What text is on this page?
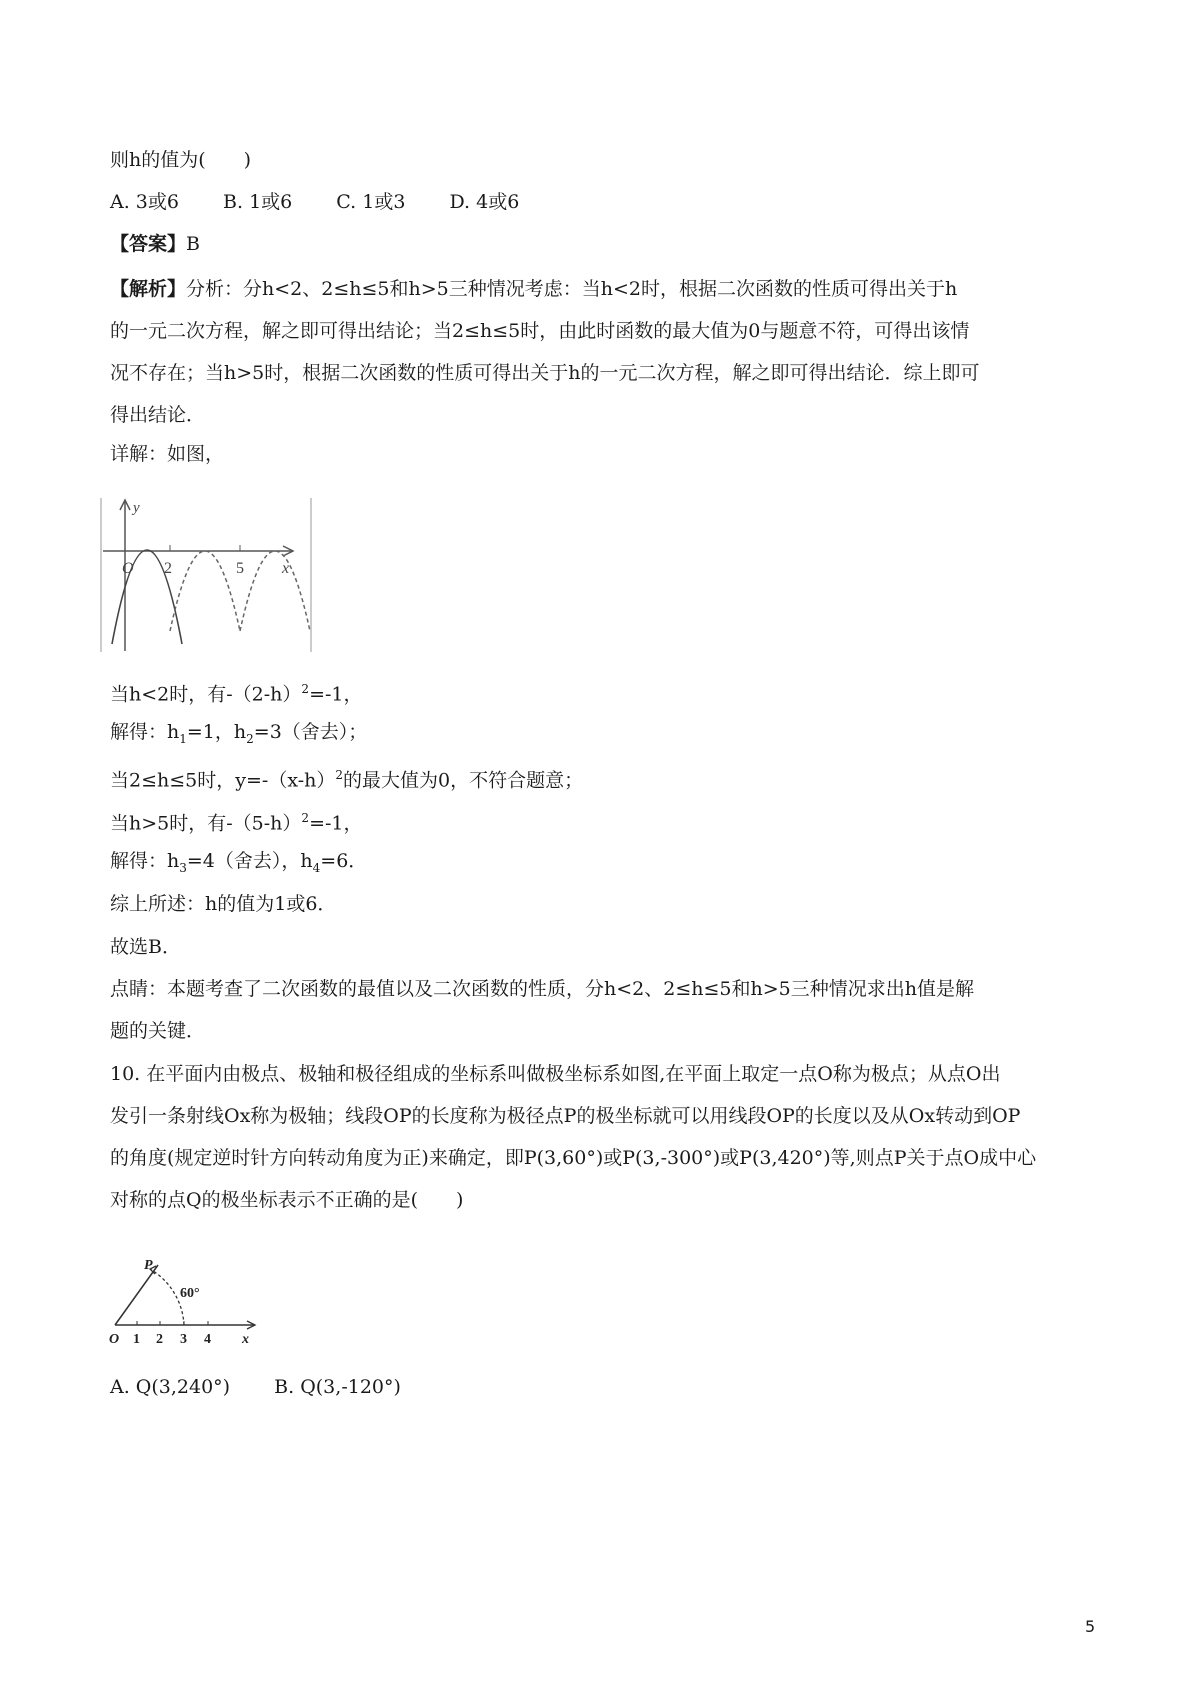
则h的值为(　　)
A. 3或6 B. 1或6 C. 1或3 D. 4或6
【答案】B
【解析】分析：分h<2、2≤h≤5和h>5三种情况考虑：当h<2时，根据二次函数的性质可得出关于h
的一元二次方程，解之即可得出结论；当2≤h≤5时，由此时函数的最大值为0与题意不符，可得出该情
况不存在；当h>5时，根据二次函数的性质可得出关于h的一元二次方程，解之即可得出结论．综上即可
得出结论．
详解：如图，
y
O 2	5 x
当h<2时，有$-(2-h)^2=-1$，
解得：$h_1=1$，$h_2=3$（舍去）；
当2≤h≤5时，$y=-(x-h)^2$的最大值为0，不符合题意；
当h>5时，有$-(5-h)^2=-1$，
解得：$h_3=4$（舍去），$h_4=6$．
综上所述：h的值为1或6．
故选B．
点睛：本题考查了二次函数的最值以及二次函数的性质，分h<2、2≤h≤5和h>5三种情况求出h值是解
题的关键．
10. 在平面内由极点、极轴和极径组成的坐标系叫做极坐标系如图,在平面上取定一点O称为极点；从点O出
发引一条射线Ox称为极轴；线段OP的长度称为极径点P的极坐标就可以用线段OP的长度以及从Ox转动到OP
的角度(规定逆时针方向转动角度为正)来确定，即P(3,60°)或P(3,-300°)或P(3,420°)等,则点P关于点O成中心
对称的点Q的极坐标表示不正确的是(　　)
P
60°
O 1 2 3 4 x
A. Q(3,240°) B. Q(3,-120°)
5
